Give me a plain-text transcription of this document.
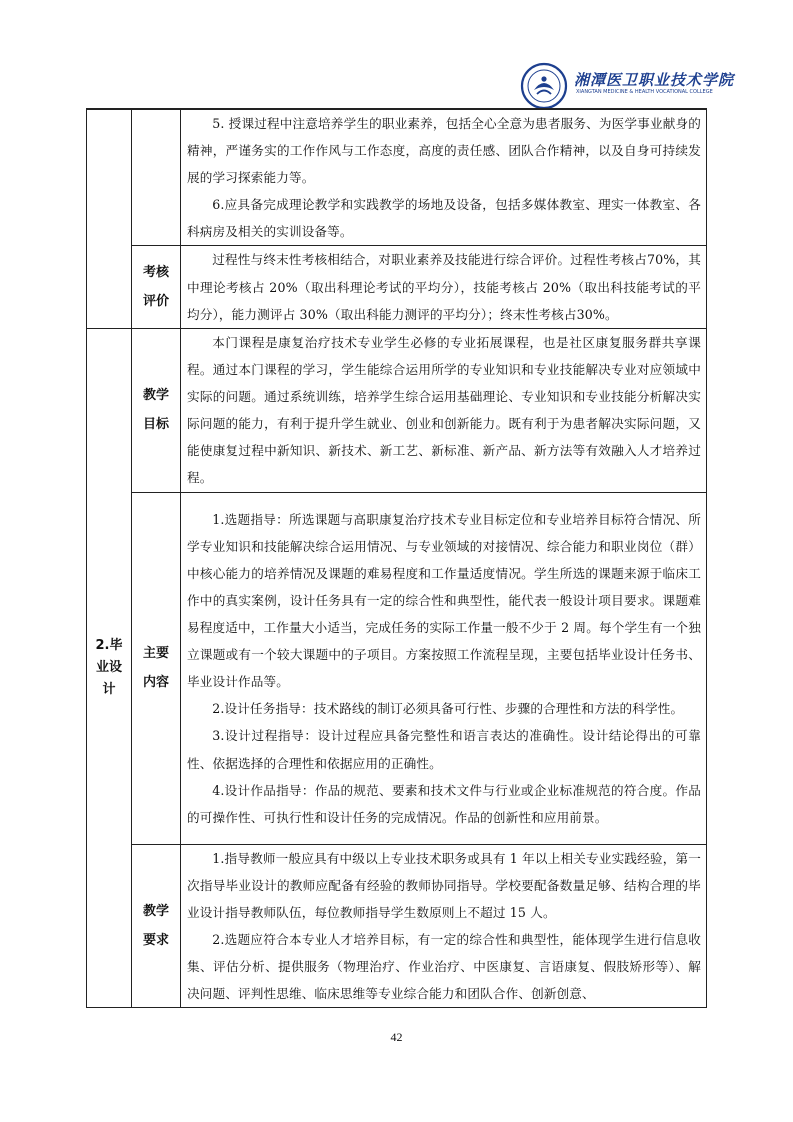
湘潭医卫职业技术学院
XIANGTAN MEDICINE & HEALTH VOCATIONAL COLLEGE

		5. 授课过程中注意培养学生的职业素养，包括全心全意为患者服务、为医学事业献身的精神，严谨务实的工作作风与工作态度，高度的责任感、团队合作精神，以及自身可持续发展的学习探索能力等。

6.应具备完成理论教学和实践教学的场地及设备，包括多媒体教室、理实一体教室、各科病房及相关的实训设备等。

	考核评价	过程性与终末性考核相结合，对职业素养及技能进行综合评价。过程性考核占70%，其中理论考核占 20%（取出科理论考试的平均分），技能考核占 20%（取出科技能考试的平均分），能力测评占 30%（取出科能力测评的平均分）；终末性考核占30%。

2.毕业设计	教学目标	本门课程是康复治疗技术专业学生必修的专业拓展课程，也是社区康复服务群共享课程。通过本门课程的学习，学生能综合运用所学的专业知识和专业技能解决专业对应领域中实际的问题。通过系统训练，培养学生综合运用基础理论、专业知识和专业技能分析解决实际问题的能力，有利于提升学生就业、创业和创新能力。既有利于为患者解决实际问题，又能使康复过程中新知识、新技术、新工艺、新标准、新产品、新方法等有效融入人才培养过程。

	主要内容	1.选题指导：所选课题与高职康复治疗技术专业目标定位和专业培养目标符合情况、所学专业知识和技能解决综合运用情况、与专业领域的对接情况、综合能力和职业岗位（群）中核心能力的培养情况及课题的难易程度和工作量适度情况。学生所选的课题来源于临床工作中的真实案例，设计任务具有一定的综合性和典型性，能代表一般设计项目要求。课题难易程度适中，工作量大小适当，完成任务的实际工作量一般不少于 2 周。每个学生有一个独立课题或有一个较大课题中的子项目。方案按照工作流程呈现，主要包括毕业设计任务书、毕业设计作品等。

2.设计任务指导：技术路线的制订必须具备可行性、步骤的合理性和方法的科学性。

3.设计过程指导：设计过程应具备完整性和语言表达的准确性。设计结论得出的可靠性、依据选择的合理性和依据应用的正确性。

4.设计作品指导：作品的规范、要素和技术文件与行业或企业标准规范的符合度。作品的可操作性、可执行性和设计任务的完成情况。作品的创新性和应用前景。

	教学要求	1.指导教师一般应具有中级以上专业技术职务或具有 1 年以上相关专业实践经验，第一次指导毕业设计的教师应配备有经验的教师协同指导。学校要配备数量足够、结构合理的毕业设计指导教师队伍，每位教师指导学生数原则上不超过 15 人。

2.选题应符合本专业人才培养目标，有一定的综合性和典型性，能体现学生进行信息收集、评估分析、提供服务（物理治疗、作业治疗、中医康复、言语康复、假肢矫形等）、解决问题、评判性思维、临床思维等专业综合能力和团队合作、创新创意、

42
